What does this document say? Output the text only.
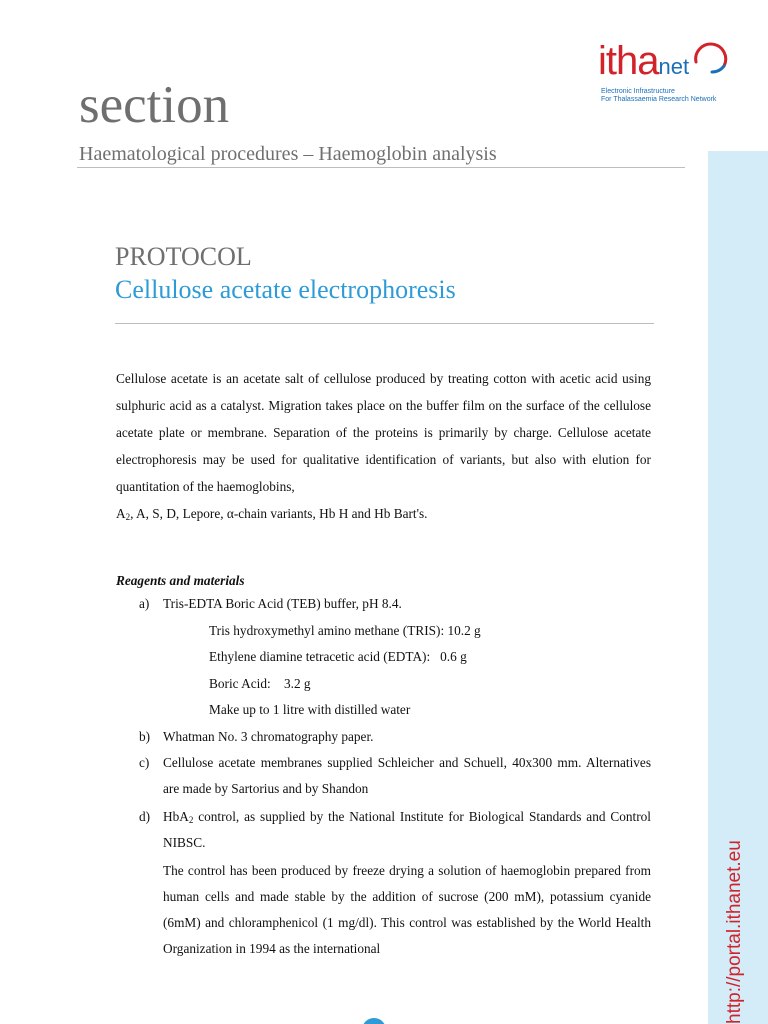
http://portal.ithanet.eu
ithanet
Electronic Infrastructure
For Thalassaemia Research Network
section
Haematological procedures – Haemoglobin analysis
PROTOCOL
Cellulose acetate electrophoresis

Cellulose acetate is an acetate salt of cellulose produced by treating cotton with acetic acid using sulphuric acid as a catalyst. Migration takes place on the buffer film on the surface of the cellulose acetate plate or membrane. Separation of the proteins is primarily by charge. Cellulose acetate electrophoresis may be used for qualitative identification of variants, but also with elution for quantitation of the haemoglobins,
$A_2$, A, S, D, Lepore, α-chain variants, Hb H and Hb Bart's.

Reagents and materials

a) Tris-EDTA Boric Acid (TEB) buffer, pH 8.4.
Tris hydroxymethyl amino methane (TRIS): 10.2 g
Ethylene diamine tetracetic acid (EDTA):   0.6 g
Boric Acid:    3.2 g
Make up to 1 litre with distilled water
b) Whatman No. 3 chromatography paper.
c) Cellulose acetate membranes supplied Schleicher and Schuell, 40x300 mm. Alternatives are made by Sartorius and by Shandon

d) HbA$_2$ control, as supplied by the National Institute for Biological Standards and Control NIBSC.

The control has been produced by freeze drying a solution of haemoglobin prepared from human cells and made stable by the addition of sucrose (200 mM), potassium cyanide (6mM) and chloramphenicol (1 mg/dl). This control was established by the World Health Organization in 1994 as the international
